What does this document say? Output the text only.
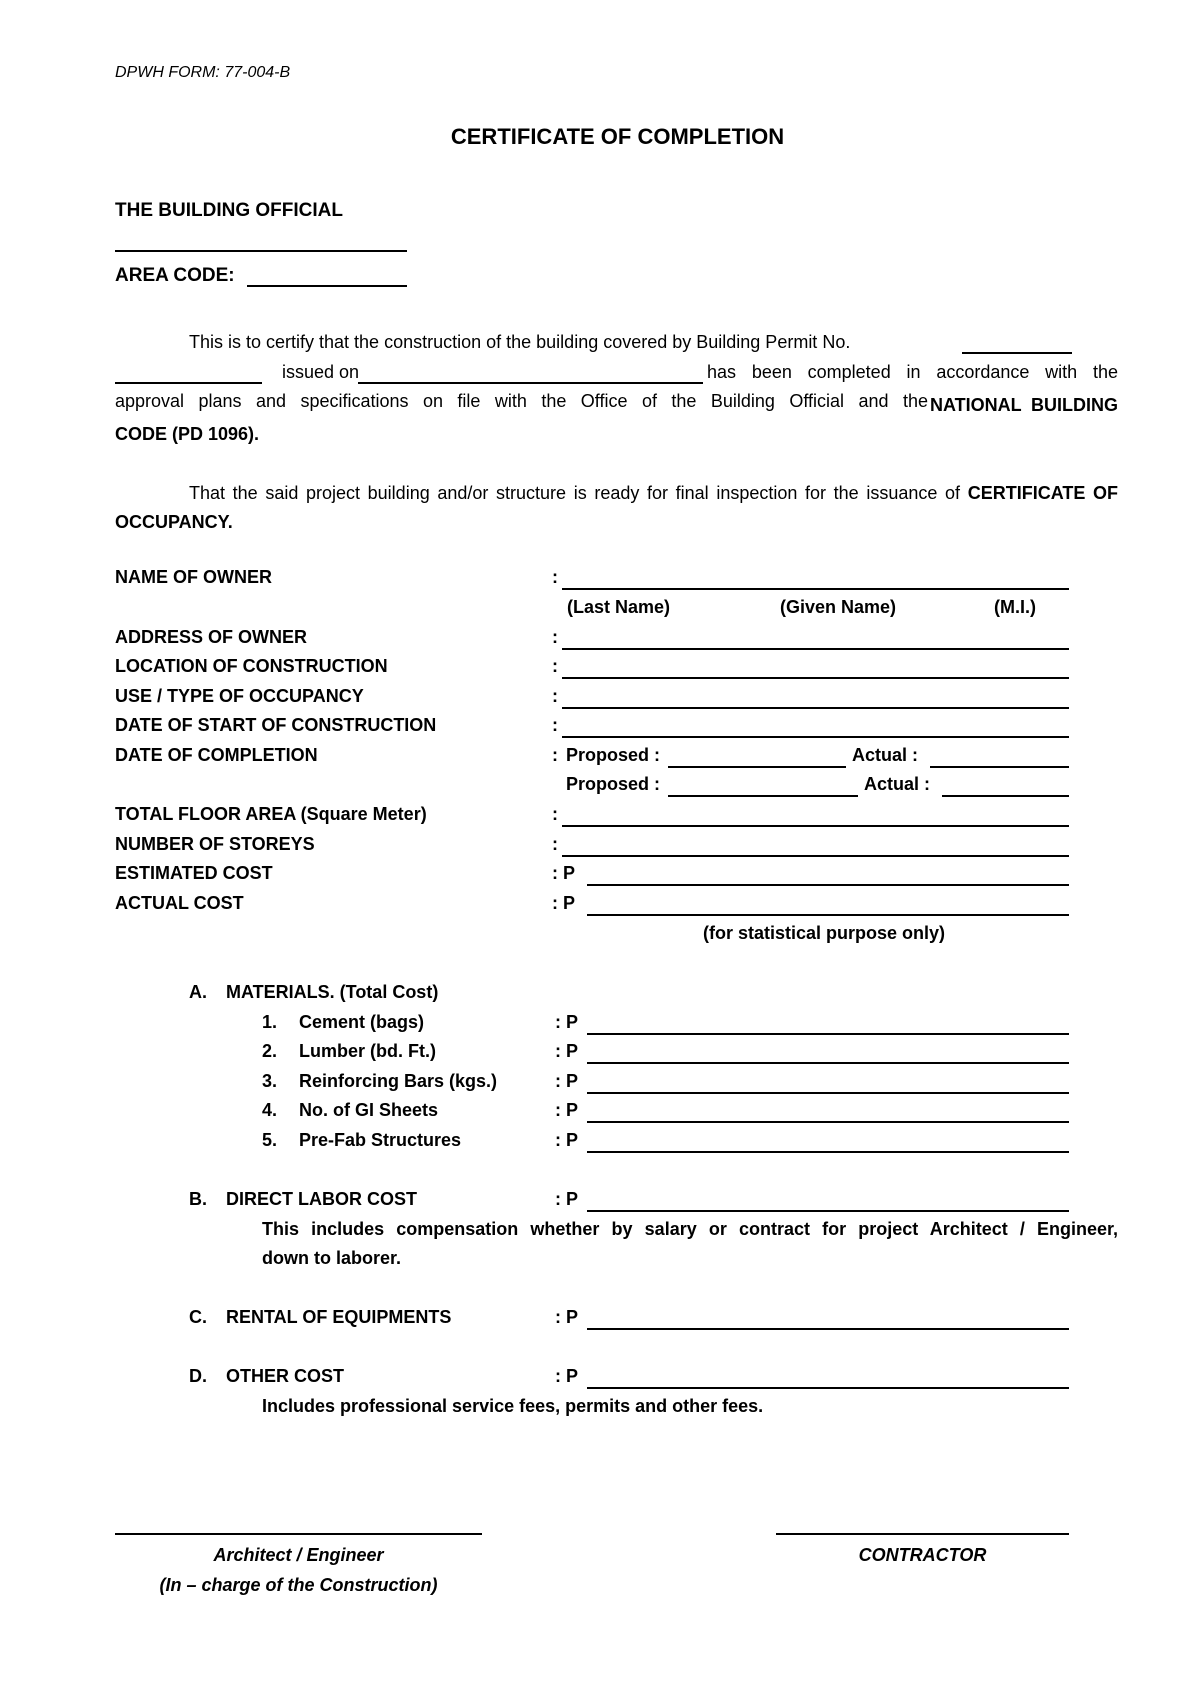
DPWH FORM: 77-004-B
CERTIFICATE OF COMPLETION
THE BUILDING OFFICIAL
AREA CODE:
This is to certify that the construction of the building covered by Building Permit No.
issued on	has been completed in accordance with the
approval plans and specifications on file with the Office of the Building Official and the NATIONAL BUILDING CODE (PD 1096).
That the said project building and/or structure is ready for final inspection for the issuance of CERTIFICATE OF OCCUPANCY.
NAME OF OWNER	:
(Last Name)	(Given Name)	(M.I.)
ADDRESS OF OWNER	:
LOCATION OF CONSTRUCTION	:
USE / TYPE OF OCCUPANCY	:
DATE OF START OF CONSTRUCTION	:
DATE OF COMPLETION	: Proposed :	Actual :
Proposed :	Actual :
TOTAL FLOOR AREA (Square Meter)	:
NUMBER OF STOREYS	:
ESTIMATED COST	: P
ACTUAL COST	: P
(for statistical purpose only)
A. MATERIALS. (Total Cost)
1. Cement (bags)	: P
2. Lumber (bd. Ft.)	: P
3. Reinforcing Bars (kgs.)	: P
4. No. of GI Sheets	: P
5. Pre-Fab Structures	: P
B. DIRECT LABOR COST	: P
This includes compensation whether by salary or contract for project Architect / Engineer,
down to laborer.
C. RENTAL OF EQUIPMENTS	: P
D. OTHER COST	: P
Includes professional service fees, permits and other fees.
Architect / Engineer
(In – charge of the Construction)
CONTRACTOR
